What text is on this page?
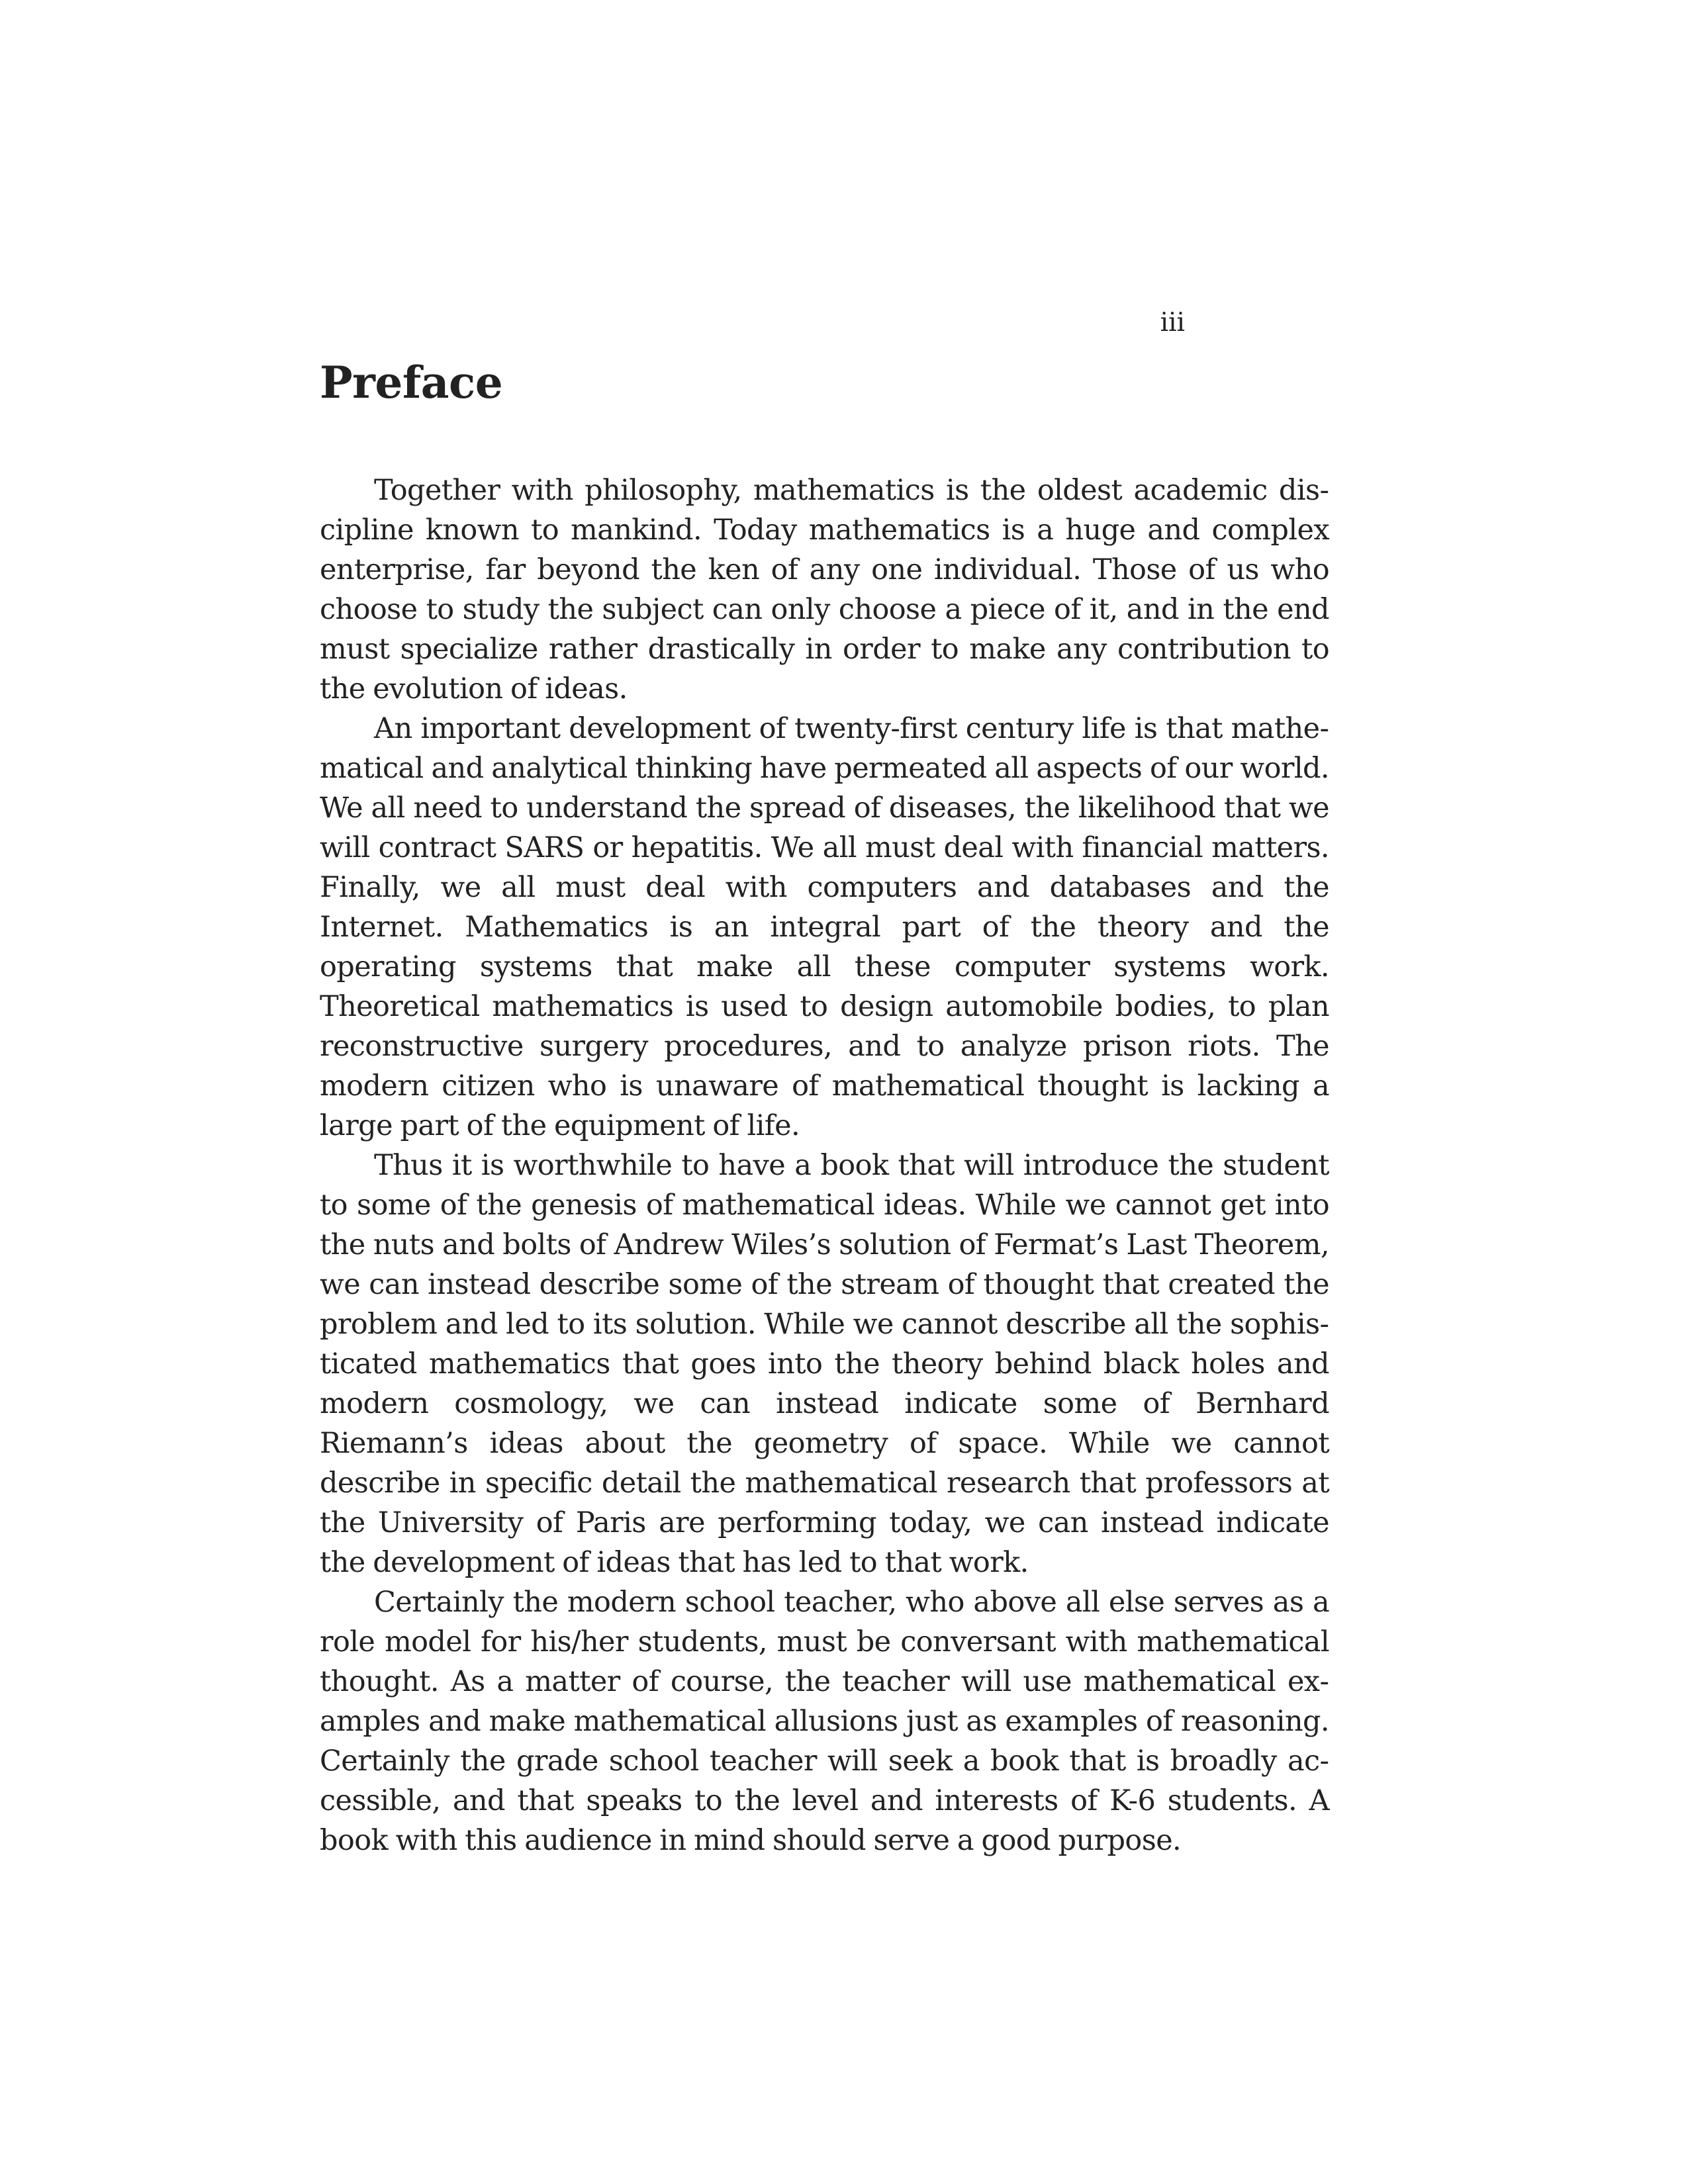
iii
Preface

Together with philosophy, mathematics is the oldest academic discipline known to mankind. Today mathematics is a huge and complex enterprise, far beyond the ken of any one individual. Those of us who choose to study the subject can only choose a piece of it, and in the end must specialize rather drastically in order to make any contribution to the evolution of ideas.

An important development of twenty-first century life is that mathematical and analytical thinking have permeated all aspects of our world. We all need to understand the spread of diseases, the likelihood that we will contract SARS or hepatitis. We all must deal with financial matters. Finally, we all must deal with computers and databases and the Internet. Mathematics is an integral part of the theory and the operating systems that make all these computer systems work. Theoretical mathematics is used to design automobile bodies, to plan reconstructive surgery procedures, and to analyze prison riots. The modern citizen who is unaware of mathematical thought is lacking a large part of the equipment of life.

Thus it is worthwhile to have a book that will introduce the student to some of the genesis of mathematical ideas. While we cannot get into the nuts and bolts of Andrew Wiles’s solution of Fermat’s Last Theorem, we can instead describe some of the stream of thought that created the problem and led to its solution. While we cannot describe all the sophisticated mathematics that goes into the theory behind black holes and modern cosmology, we can instead indicate some of Bernhard Riemann’s ideas about the geometry of space. While we cannot describe in specific detail the mathematical research that professors at the University of Paris are performing today, we can instead indicate the development of ideas that has led to that work.

Certainly the modern school teacher, who above all else serves as a role model for his/her students, must be conversant with mathematical thought. As a matter of course, the teacher will use mathematical examples and make mathematical allusions just as examples of reasoning. Certainly the grade school teacher will seek a book that is broadly accessible, and that speaks to the level and interests of K-6 students. A book with this audience in mind should serve a good purpose.
